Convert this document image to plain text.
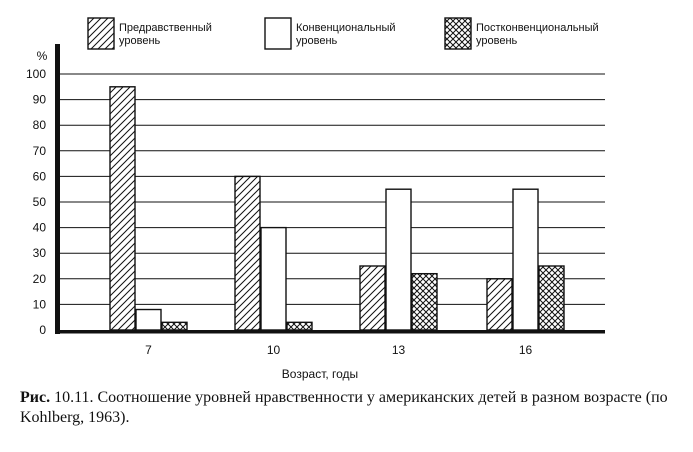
Предравственный
уровень
Конвенциональный
уровень
Постконвенциональный
уровень
%
0
10
20
30
40
50
60
70
80
90
100
7	10	13	16
Возраст, годы
Рис. 10.11. Соотношение уровней нравственности у американских детей в разном возрасте (по Kohlberg, 1963).
